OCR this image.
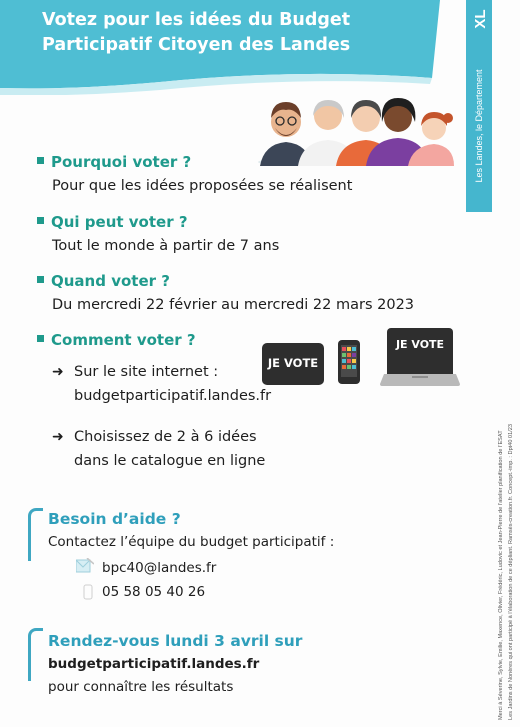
Votez pour les idées du Budget
Participatif Citoyen des Landes
XL
Les Landes, le Département
Pourquoi voter ?
Pour que les idées proposées se réalisent
Qui peut voter ?
Tout le monde à partir de 7 ans
Quand voter ?
Du mercredi 22 février au mercredi 22 mars 2023
Comment voter ?
➜ Sur le site internet :
budgetparticipatif.landes.fr
➜ Choisissez de 2 à 6 idées
dans le catalogue en ligne
JE VOTE
JE VOTE
Besoin d’aide ?
Contactez l’équipe du budget participatif :
bpc40@landes.fr
05 58 05 40 26
Rendez-vous lundi 3 avril sur
budgetparticipatif.landes.fr
pour connaître les résultats	Merci à Séverine, Sylvie, Emilie, Maxence, Olivier, Frédéric, Ludovic et Jean-Pierre de l’atelier planification de l’ESAT Les Jardins de Nonères qui ont participé à l’élaboration de ce dépliant. Ramsès-creation.fr. Concept.-imp. : Dpt40 01/23
